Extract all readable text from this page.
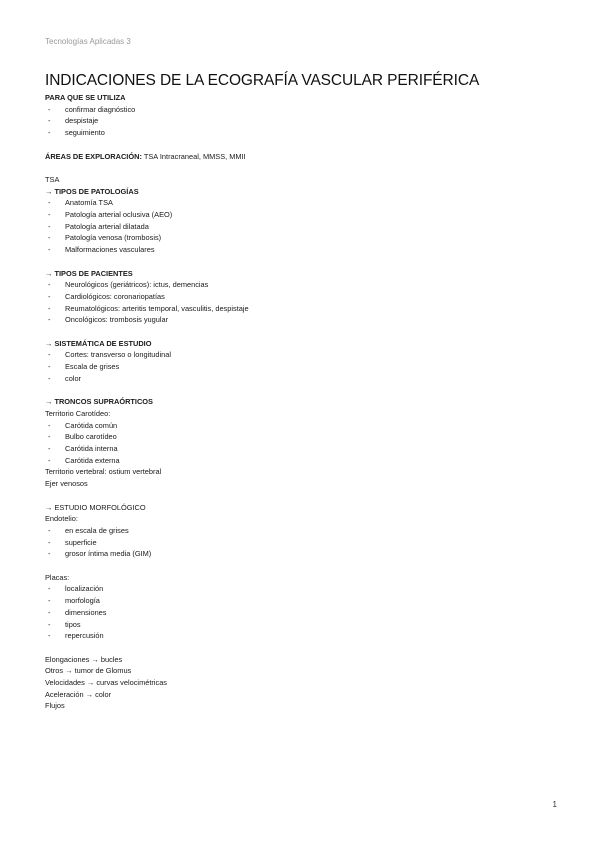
Tecnologías Aplicadas 3
INDICACIONES DE LA ECOGRAFÍA VASCULAR PERIFÉRICA
PARA QUE SE UTILIZA
- confirmar diagnóstico
- despistaje
- seguimiento
ÁREAS DE EXPLORACIÓN: TSA Intracraneal, MMSS, MMII
TSA
→ TIPOS DE PATOLOGÍAS
- Anatomía TSA
- Patología arterial oclusiva (AEO)
- Patología arterial dilatada
- Patología venosa (trombosis)
- Malformaciones vasculares
→ TIPOS DE PACIENTES
- Neurológicos (geriátricos): ictus, demencias
- Cardiológicos: coronariopatías
- Reumatológicos: arteritis temporal, vasculitis, despistaje
- Oncológicos: trombosis yugular
→ SISTEMÁTICA DE ESTUDIO
- Cortes: transverso o longitudinal
- Escala de grises
- color
→ TRONCOS SUPRAÓRTICOS
Territorio Carotídeo:
- Carótida común
- Bulbo carotídeo
- Carótida interna
- Carótida externa
Territorio vertebral: ostium vertebral
Ejer venosos
→ ESTUDIO MORFOLÓGICO
Endotelio:
- en escala de grises
- superficie
- grosor íntima media (GIM)
Placas:
- localización
- morfología
- dimensiones
- tipos
- repercusión
Elongaciones → bucles
Otros → tumor de Glomus
Velocidades → curvas velocimétricas
Aceleración → color
Flujos
1
